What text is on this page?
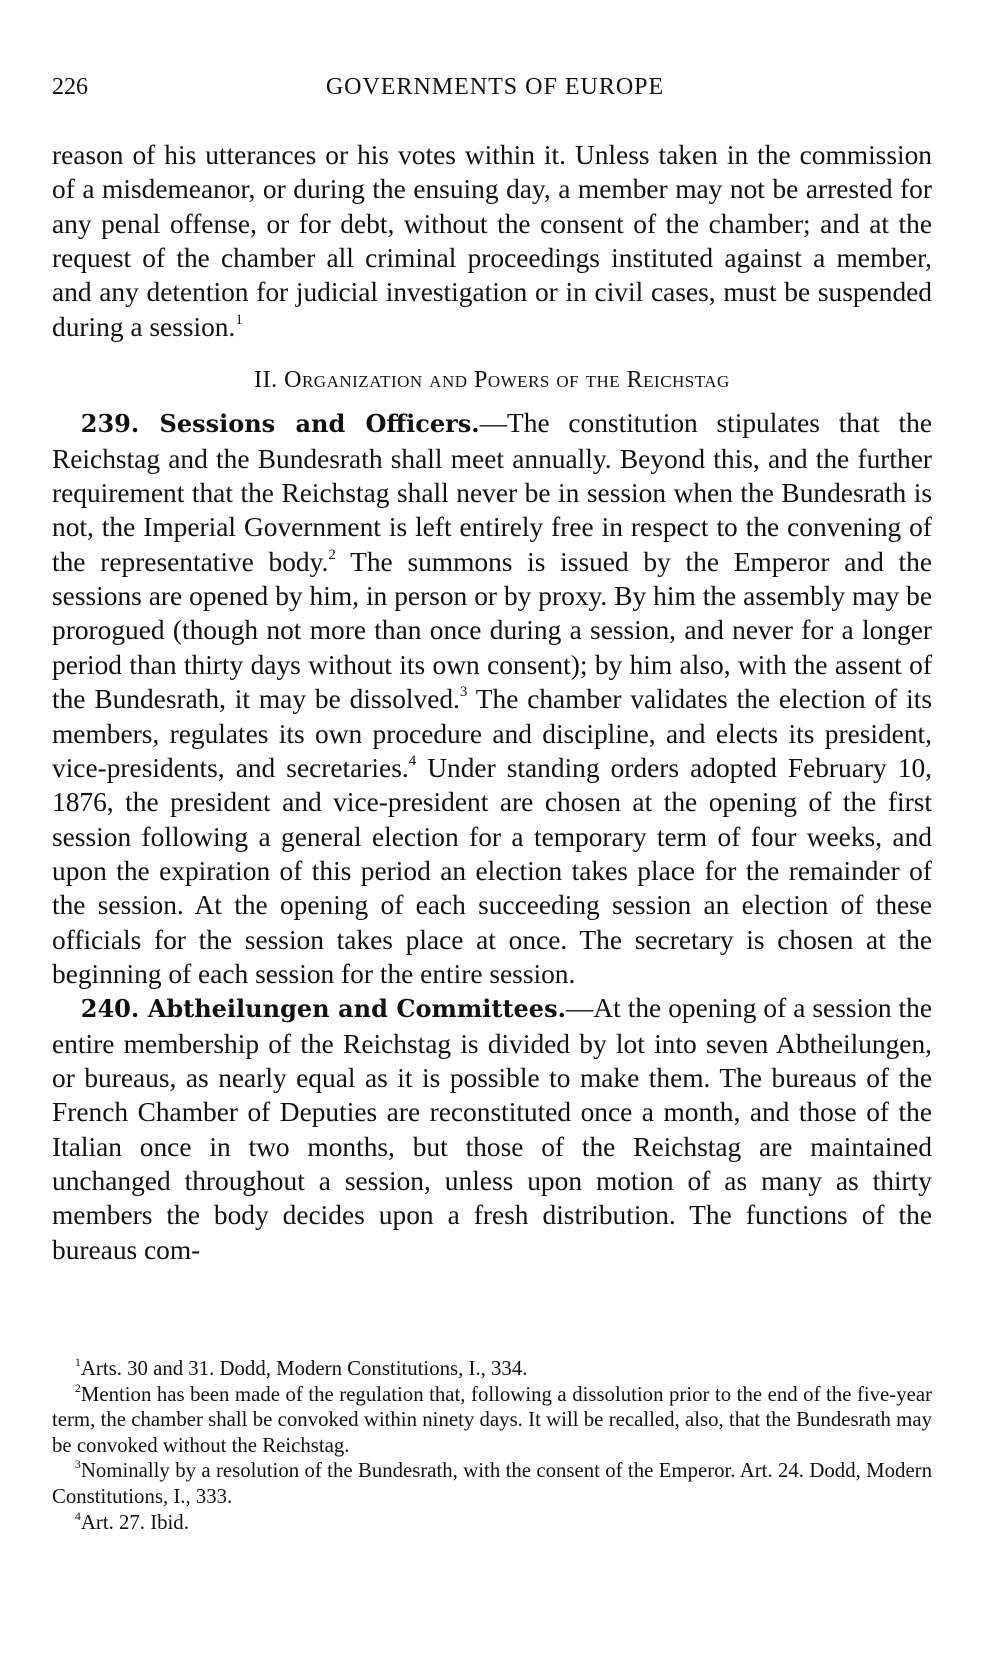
226	GOVERNMENTS OF EUROPE

reason of his utterances or his votes within it. Unless taken in the commission of a misdemeanor, or during the ensuing day, a member may not be arrested for any penal offense, or for debt, without the consent of the chamber; and at the request of the chamber all criminal proceedings instituted against a member, and any detention for judicial investigation or in civil cases, must be suspended during a session.$^1$

II. Organization and Powers of the Reichstag

239. Sessions and Officers.—The constitution stipulates that the Reichstag and the Bundesrath shall meet annually. Beyond this, and the further requirement that the Reichstag shall never be in session when the Bundesrath is not, the Imperial Government is left entirely free in respect to the convening of the representative body.$^2$ The summons is issued by the Emperor and the sessions are opened by him, in person or by proxy. By him the assembly may be prorogued (though not more than once during a session, and never for a longer period than thirty days without its own consent); by him also, with the assent of the Bundesrath, it may be dissolved.$^3$ The chamber validates the election of its members, regulates its own procedure and discipline, and elects its president, vice-presidents, and secretaries.$^4$ Under standing orders adopted February 10, 1876, the president and vice-president are chosen at the opening of the first session following a general election for a temporary term of four weeks, and upon the expiration of this period an election takes place for the remainder of the session. At the opening of each succeeding session an election of these officials for the session takes place at once. The secretary is chosen at the beginning of each session for the entire session.

240. Abtheilungen and Committees.—At the opening of a session the entire membership of the Reichstag is divided by lot into seven Abtheilungen, or bureaus, as nearly equal as it is possible to make them. The bureaus of the French Chamber of Deputies are reconstituted once a month, and those of the Italian once in two months, but those of the Reichstag are maintained unchanged throughout a session, unless upon motion of as many as thirty members the body decides upon a fresh distribution. The functions of the bureaus com-

$^1$Arts. 30 and 31. Dodd, Modern Constitutions, I., 334.

$^2$Mention has been made of the regulation that, following a dissolution prior to the end of the five-year term, the chamber shall be convoked within ninety days. It will be recalled, also, that the Bundesrath may be convoked without the Reichstag.

$^3$Nominally by a resolution of the Bundesrath, with the consent of the Emperor. Art. 24. Dodd, Modern Constitutions, I., 333.

$^4$Art. 27. Ibid.
